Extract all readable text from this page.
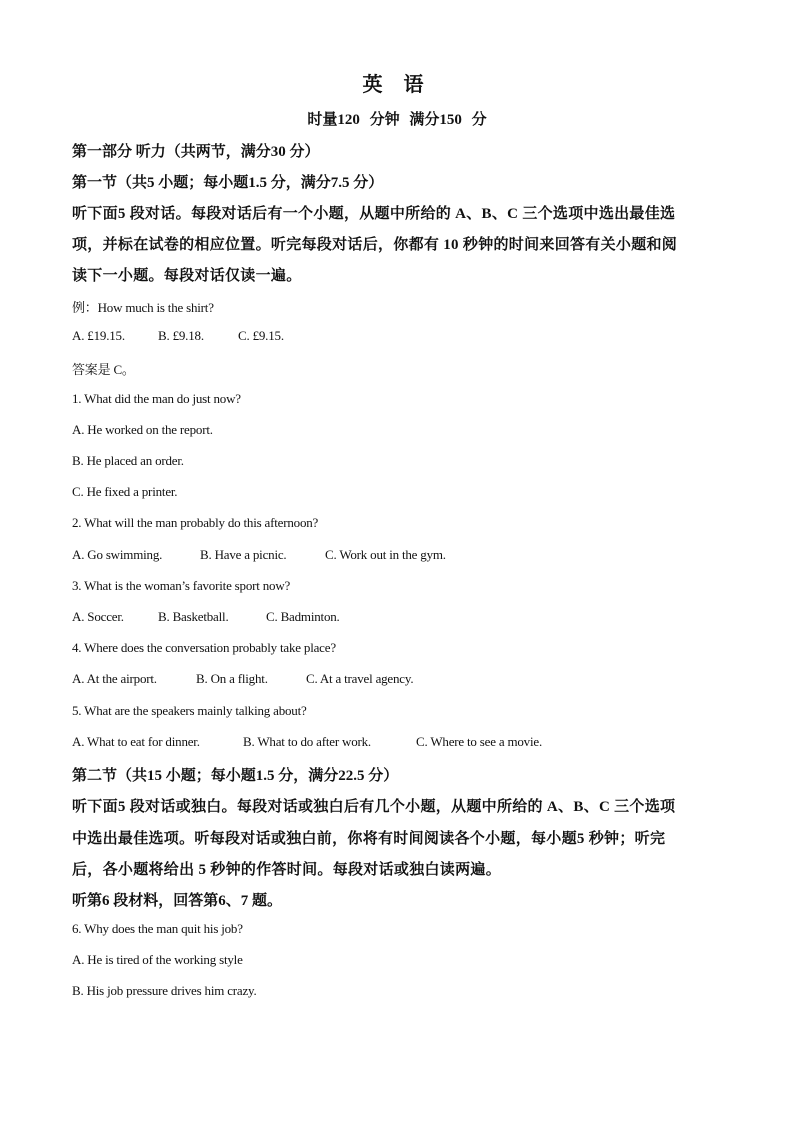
英 语
时量120 分钟 满分150 分
第一部分 听力（共两节，满分30 分）
第一节（共5 小题；每小题1.5 分，满分7.5 分）
听下面5 段对话。每段对话后有一个小题，从题中所给的 A、B、C 三个选项中选出最佳选
项，并标在试卷的相应位置。听完每段对话后，你都有 10 秒钟的时间来回答有关小题和阅
读下一小题。每段对话仅读一遍。
例：How much is the shirt?
A. £19.15.	B. £9.18.	C. £9.15.
答案是 C。
1. What did the man do just now?
A. He worked on the report.
B. He placed an order.
C. He fixed a printer.
2. What will the man probably do this afternoon?
A. Go swimming.	B. Have a picnic.	C. Work out in the gym.
3. What is the woman’s favorite sport now?
A. Soccer.	B. Basketball.	C. Badminton.
4. Where does the conversation probably take place?
A. At the airport.	B. On a flight.	C. At a travel agency.
5. What are the speakers mainly talking about?
A. What to eat for dinner.	B. What to do after work.	C. Where to see a movie.
第二节（共15 小题；每小题1.5 分，满分22.5 分）
听下面5 段对话或独白。每段对话或独白后有几个小题，从题中所给的 A、B、C 三个选项
中选出最佳选项。听每段对话或独白前，你将有时间阅读各个小题，每小题5 秒钟；听完
后，各小题将给出 5 秒钟的作答时间。每段对话或独白读两遍。
听第6 段材料，回答第6、7 题。
6. Why does the man quit his job?
A. He is tired of the working style
B. His job pressure drives him crazy.
